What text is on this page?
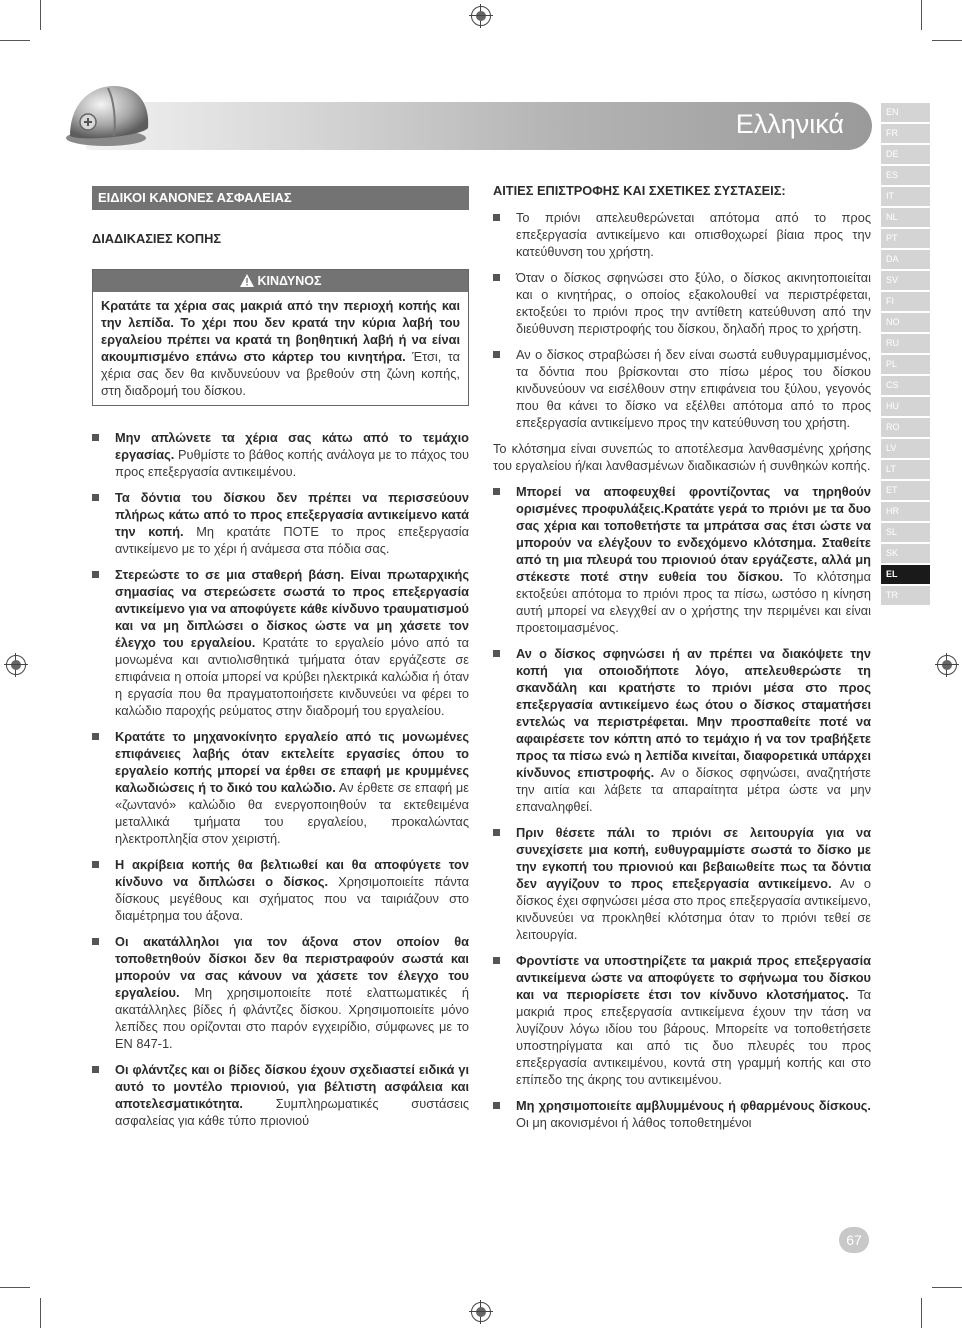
Ελληνικά	EN
FR
DE
ES
IT
NL
PT
DA
SV
FI
NO
RU
PL
CS
HU
RO
LV
LT
ET
HR
SL
SK
EL
TR
ΕΙΔΙΚΟΙ ΚΑΝΟΝΕΣ ΑΣΦΑΛΕΙΑΣ
ΔΙΑΔΙΚΑΣΙΕΣ ΚΟΠΗΣ
ΚΙΝΔΥΝΟΣ
Κρατάτε τα χέρια σας μακριά από την περιοχή κοπής και την λεπίδα. Το χέρι που δεν κρατά την κύρια λαβή του εργαλείου πρέπει να κρατά τη βοηθητική λαβή ή να είναι ακουμπισμένο επάνω στο κάρτερ του κινητήρα. Έτσι, τα χέρια σας δεν θα κινδυνεύουν να βρεθούν στη ζώνη κοπής, στη διαδρομή του δίσκου.
Μην απλώνετε τα χέρια σας κάτω από το τεμάχιο εργασίας. Ρυθμίστε το βάθος κοπής ανάλογα με το πάχος του προς επεξεργασία αντικειμένου.
Τα δόντια του δίσκου δεν πρέπει να περισσεύουν πλήρως κάτω από το προς επεξεργασία αντικείμενο κατά την κοπή. Μη κρατάτε ΠΟΤΕ το προς επεξεργασία αντικείμενο με το χέρι ή ανάμεσα στα πόδια σας.
Στερεώστε το σε μια σταθερή βάση. Είναι πρωταρχικής σημασίας να στερεώσετε σωστά το προς επεξεργασία αντικείμενο για να αποφύγετε κάθε κίνδυνο τραυματισμού και να μη διπλώσει ο δίσκος ώστε να μη χάσετε τον έλεγχο του εργαλείου. Κρατάτε το εργαλείο μόνο από τα μονωμένα και αντιολισθητικά τμήματα όταν εργάζεστε σε επιφάνεια η οποία μπορεί να κρύβει ηλεκτρικά καλώδια ή όταν η εργασία που θα πραγματοποιήσετε κινδυνεύει να φέρει το καλώδιο παροχής ρεύματος στην διαδρομή του εργαλείου.
Κρατάτε το μηχανοκίνητο εργαλείο από τις μονωμένες επιφάνειες λαβής όταν εκτελείτε εργασίες όπου το εργαλείο κοπής μπορεί να έρθει σε επαφή με κρυμμένες καλωδιώσεις ή το δικό του καλώδιο. Αν έρθετε σε επαφή με «ζωντανό» καλώδιο θα ενεργοποιηθούν τα εκτεθειμένα μεταλλικά τμήματα του εργαλείου, προκαλώντας ηλεκτροπληξία στον χειριστή.
Η ακρίβεια κοπής θα βελτιωθεί και θα αποφύγετε τον κίνδυνο να διπλώσει ο δίσκος. Χρησιμοποιείτε πάντα δίσκους μεγέθους και σχήματος που να ταιριάζουν στο διαμέτρημα του άξονα.
Οι ακατάλληλοι για τον άξονα στον οποίον θα τοποθετηθούν δίσκοι δεν θα περιστραφούν σωστά και μπορούν να σας κάνουν να χάσετε τον έλεγχο του εργαλείου. Μη χρησιμοποιείτε ποτέ ελαττωματικές ή ακατάλληλες βίδες ή φλάντζες δίσκου. Χρησιμοποιείτε μόνο λεπίδες που ορίζονται στο παρόν εγχειρίδιο, σύμφωνες με το EN 847-1.
Οι φλάντζες και οι βίδες δίσκου έχουν σχεδιαστεί ειδικά γι αυτό το μοντέλο πριονιού, για βέλτιστη ασφάλεια και αποτελεσματικότητα. Συμπληρωματικές συστάσεις ασφαλείας για κάθε τύπο πριονιού
ΑΙΤΙΕΣ ΕΠΙΣΤΡΟΦΗΣ ΚΑΙ ΣΧΕΤΙΚΕΣ ΣΥΣΤΑΣΕΙΣ:
Το πριόνι απελευθερώνεται απότομα από το προς επεξεργασία αντικείμενο και οπισθοχωρεί βίαια προς την κατεύθυνση του χρήστη.
Όταν ο δίσκος σφηνώσει στο ξύλο, ο δίσκος ακινητοποιείται και ο κινητήρας, ο οποίος εξακολουθεί να περιστρέφεται, εκτοξεύει το πριόνι προς την αντίθετη κατεύθυνση από την διεύθυνση περιστροφής του δίσκου, δηλαδή προς το χρήστη.
Αν ο δίσκος στραβώσει ή δεν είναι σωστά ευθυγραμμισμένος, τα δόντια που βρίσκονται στο πίσω μέρος του δίσκου κινδυνεύουν να εισέλθουν στην επιφάνεια του ξύλου, γεγονός που θα κάνει το δίσκο να εξέλθει απότομα από το προς επεξεργασία αντικείμενο προς την κατεύθυνση του χρήστη.
Το κλότσημα είναι συνεπώς το αποτέλεσμα λανθασμένης χρήσης του εργαλείου ή/και λανθασμένων διαδικασιών ή συνθηκών κοπής.
Μπορεί να αποφευχθεί φροντίζοντας να τηρηθούν ορισμένες προφυλάξεις.Κρατάτε γερά το πριόνι με τα δυο σας χέρια και τοποθετήστε τα μπράτσα σας έτσι ώστε να μπορούν να ελέγξουν το ενδεχόμενο κλότσημα. Σταθείτε από τη μια πλευρά του πριονιού όταν εργάζεστε, αλλά μη στέκεστε ποτέ στην ευθεία του δίσκου. Το κλότσημα εκτοξεύει απότομα το πριόνι προς τα πίσω, ωστόσο η κίνηση αυτή μπορεί να ελεγχθεί αν ο χρήστης την περιμένει και είναι προετοιμασμένος.
Αν ο δίσκος σφηνώσει ή αν πρέπει να διακόψετε την κοπή για οποιοδήποτε λόγο, απελευθερώστε τη σκανδάλη και κρατήστε το πριόνι μέσα στο προς επεξεργασία αντικείμενο έως ότου ο δίσκος σταματήσει εντελώς να περιστρέφεται. Μην προσπαθείτε ποτέ να αφαιρέσετε τον κόπτη από το τεμάχιο ή να τον τραβήξετε προς τα πίσω ενώ η λεπίδα κινείται, διαφορετικά υπάρχει κίνδυνος επιστροφής. Αν ο δίσκος σφηνώσει, αναζητήστε την αιτία και λάβετε τα απαραίτητα μέτρα ώστε να μην επαναληφθεί.
Πριν θέσετε πάλι το πριόνι σε λειτουργία για να συνεχίσετε μια κοπή, ευθυγραμμίστε σωστά το δίσκο με την εγκοπή του πριονιού και βεβαιωθείτε πως τα δόντια δεν αγγίζουν το προς επεξεργασία αντικείμενο. Αν ο δίσκος έχει σφηνώσει μέσα στο προς επεξεργασία αντικείμενο, κινδυνεύει να προκληθεί κλότσημα όταν το πριόνι τεθεί σε λειτουργία.
Φροντίστε να υποστηρίζετε τα μακριά προς επεξεργασία αντικείμενα ώστε να αποφύγετε το σφήνωμα του δίσκου και να περιορίσετε έτσι τον κίνδυνο κλοτσήματος. Τα μακριά προς επεξεργασία αντικείμενα έχουν την τάση να λυγίζουν λόγω ιδίου του βάρους. Μπορείτε να τοποθετήσετε υποστηρίγματα και από τις δυο πλευρές του προς επεξεργασία αντικειμένου, κοντά στη γραμμή κοπής και στο επίπεδο της άκρης του αντικειμένου.
Μη χρησιμοποιείτε αμβλυμμένους ή φθαρμένους δίσκους. Οι μη ακονισμένοι ή λάθος τοποθετημένοι
67
